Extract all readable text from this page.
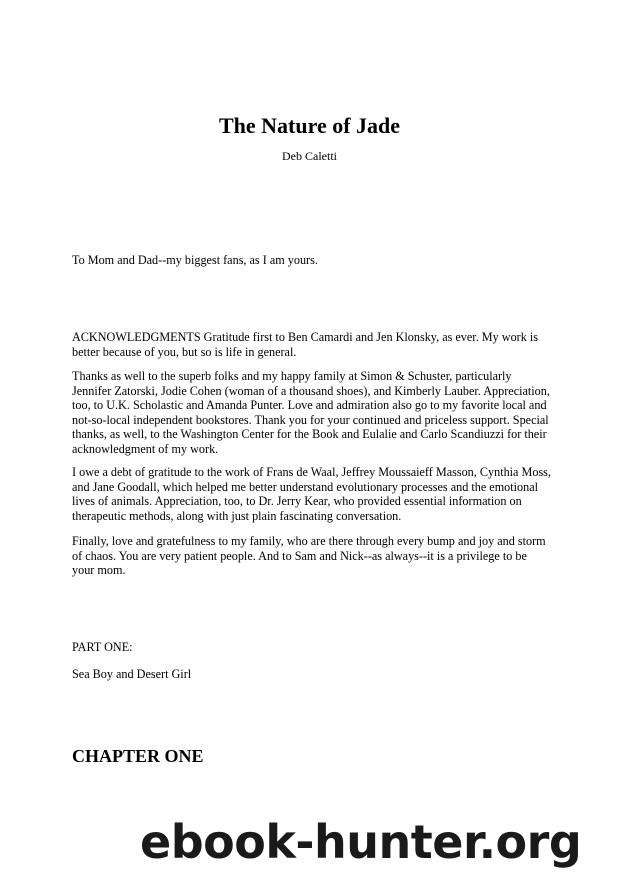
The Nature of Jade

Deb Caletti

To Mom and Dad--my biggest fans, as I am yours.

ACKNOWLEDGMENTS Gratitude first to Ben Camardi and Jen Klonsky, as ever. My work is better because of you, but so is life in general.

Thanks as well to the superb folks and my happy family at Simon & Schuster, particularly Jennifer Zatorski, Jodie Cohen (woman of a thousand shoes), and Kimberly Lauber. Appreciation, too, to U.K. Scholastic and Amanda Punter. Love and admiration also go to my favorite local and not-so-local independent bookstores. Thank you for your continued and priceless support. Special thanks, as well, to the Washington Center for the Book and Eulalie and Carlo Scandiuzzi for their acknowledgment of my work.

I owe a debt of gratitude to the work of Frans de Waal, Jeffrey Moussaieff Masson, Cynthia Moss, and Jane Goodall, which helped me better understand evolutionary processes and the emotional lives of animals. Appreciation, too, to Dr. Jerry Kear, who provided essential information on therapeutic methods, along with just plain fascinating conversation.

Finally, love and gratefulness to my family, who are there through every bump and joy and storm of chaos. You are very patient people. And to Sam and Nick--as always--it is a privilege to be your mom.

PART ONE:

Sea Boy and Desert Girl

CHAPTER ONE
ebook-hunter.org
